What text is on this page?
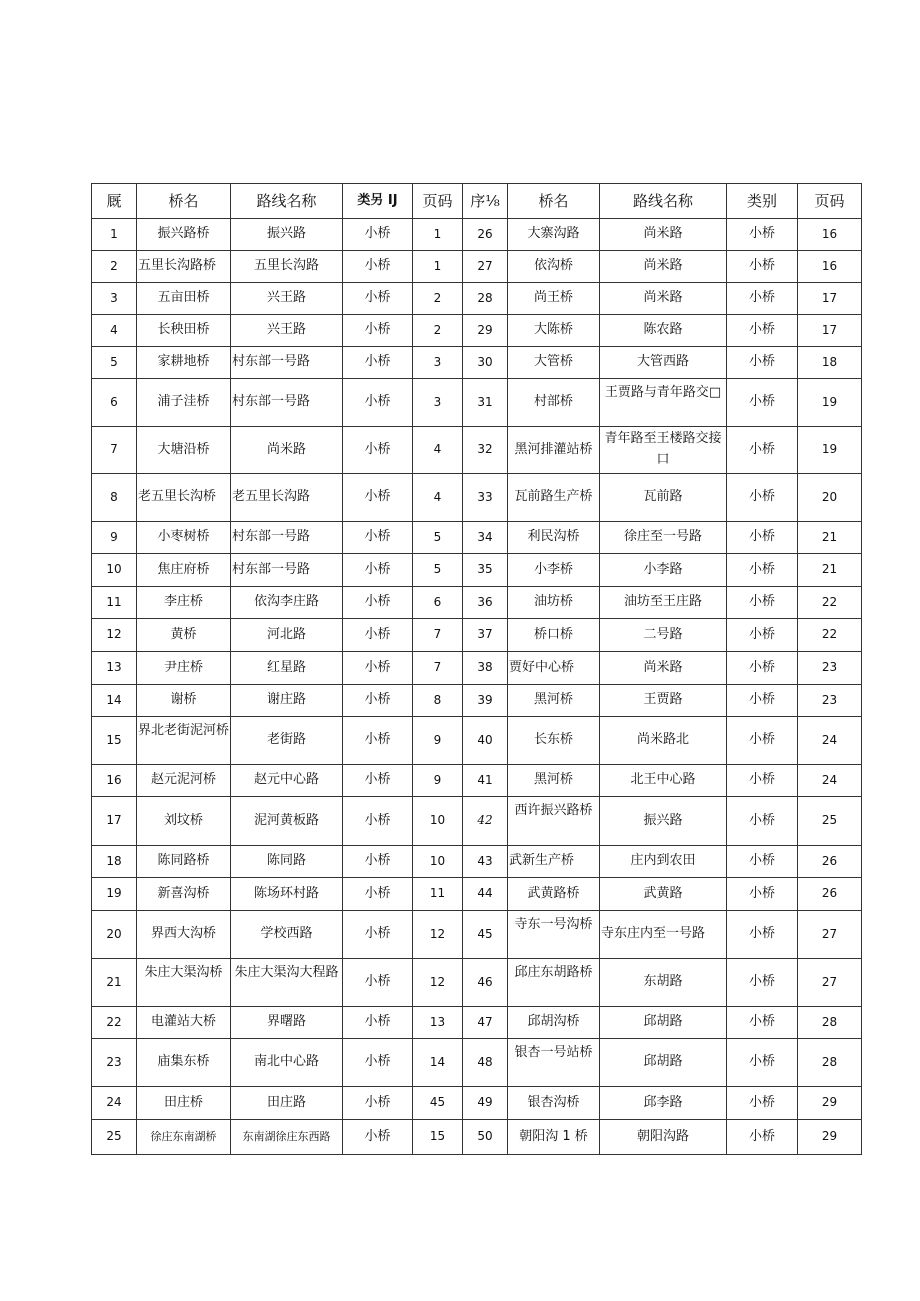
厩	桥名	路线名称	类另 IJ	页码	序⅛	桥名	路线名称	类别	页码
1	振兴路桥	振兴路	小桥	1	26	大寨沟路	尚米路	小桥	16
2	五里长沟路桥	五里长沟路	小桥	1	27	依沟桥	尚米路	小桥	16
3	五亩田桥	兴王路	小桥	2	28	尚王桥	尚米路	小桥	17
4	长秧田桥	兴王路	小桥	2	29	大陈桥	陈农路	小桥	17
5	家耕地桥	村东部一号路	小桥	3	30	大管桥	大管西路	小桥	18
6	浦子洼桥	村东部一号路	小桥	3	31	村部桥	王贾路与青年路交□	小桥	19
7	大塘沿桥	尚米路	小桥	4	32	黑河排灌站桥	青年路至王楼路交接口	小桥	19
8	老五里长沟桥	老五里长沟路	小桥	4	33	瓦前路生产桥	瓦前路	小桥	20
9	小枣树桥	村东部一号路	小桥	5	34	利民沟桥	徐庄至一号路	小桥	21
10	焦庄府桥	村东部一号路	小桥	5	35	小李桥	小李路	小桥	21
11	李庄桥	依沟李庄路	小桥	6	36	油坊桥	油坊至王庄路	小桥	22
12	黄桥	河北路	小桥	7	37	桥口桥	二号路	小桥	22
13	尹庄桥	红星路	小桥	7	38	贾好中心桥	尚米路	小桥	23
14	谢桥	谢庄路	小桥	8	39	黑河桥	王贾路	小桥	23
15	界北老街泥河桥	老街路	小桥	9	40	长东桥	尚米路北	小桥	24
16	赵元泥河桥	赵元中心路	小桥	9	41	黑河桥	北王中心路	小桥	24
17	刘坟桥	泥河黄板路	小桥	10	42	西许振兴路桥	振兴路	小桥	25
18	陈同路桥	陈同路	小桥	10	43	武新生产桥	庄内到农田	小桥	26
19	新喜沟桥	陈场环村路	小桥	11	44	武黄路桥	武黄路	小桥	26
20	界西大沟桥	学校西路	小桥	12	45	寺东一号沟桥	寺东庄内至一号路	小桥	27
21	朱庄大渠沟桥	朱庄大渠沟大程路	小桥	12	46	邱庄东胡路桥	东胡路	小桥	27
22	电灌站大桥	界曙路	小桥	13	47	邱胡沟桥	邱胡路	小桥	28
23	庙集东桥	南北中心路	小桥	14	48	银杏一号站桥	邱胡路	小桥	28
24	田庄桥	田庄路	小桥	45	49	银杏沟桥	邱李路	小桥	29
25	徐庄东南湖桥	东南湖徐庄东西路	小桥	15	50	朝阳沟 1 桥	朝阳沟路	小桥	29
